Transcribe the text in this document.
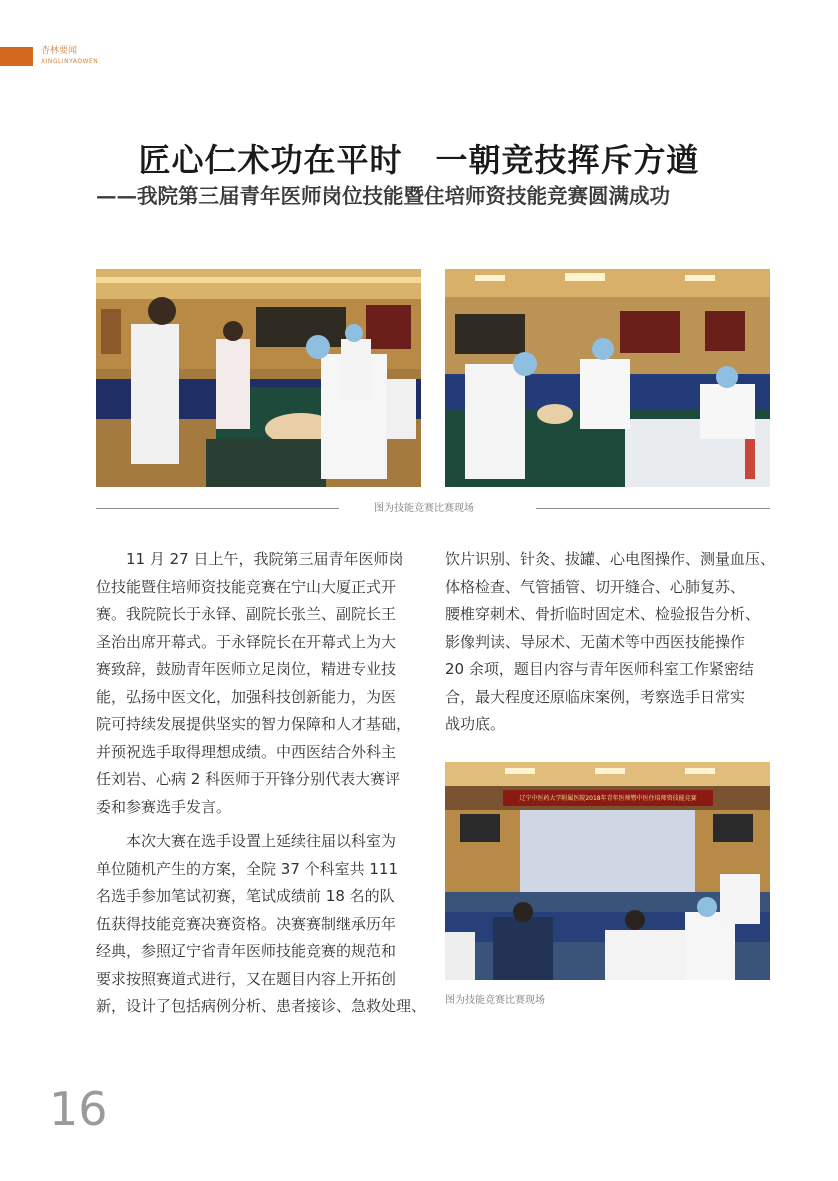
杏林要闻
XINGLINYAOWEN
匠心仁术功在平时　一朝竞技挥斥方遒
——我院第三届青年医师岗位技能暨住培师资技能竞赛圆满成功
辽宁中医药大学附属医院2018年青年医师暨中医住培师资技能竞赛
图为技能竞赛比赛现场

　　11 月 27 日上午，我院第三届青年医师岗

位技能暨住培师资技能竞赛在宁山大厦正式开

赛。我院院长于永铎、副院长张兰、副院长王

圣治出席开幕式。于永铎院长在开幕式上为大

赛致辞，鼓励青年医师立足岗位，精进专业技

能，弘扬中医文化，加强科技创新能力，为医

院可持续发展提供坚实的智力保障和人才基础，

并预祝选手取得理想成绩。中西医结合外科主

任刘岩、心病 2 科医师于开锋分别代表大赛评

委和参赛选手发言。

　　本次大赛在选手设置上延续往届以科室为

单位随机产生的方案，全院 37 个科室共 111

名选手参加笔试初赛，笔试成绩前 18 名的队

伍获得技能竞赛决赛资格。决赛赛制继承历年

经典，参照辽宁省青年医师技能竞赛的规范和

要求按照赛道式进行，又在题目内容上开拓创

新，设计了包括病例分析、患者接诊、急救处理、

饮片识别、针灸、拔罐、心电图操作、测量血压、

体格检查、气管插管、切开缝合、心肺复苏、

腰椎穿刺术、骨折临时固定术、检验报告分析、

影像判读、导尿术、无菌术等中西医技能操作

20 余项，题目内容与青年医师科室工作紧密结

合，最大程度还原临床案例，考察选手日常实

战功底。

图为技能竞赛比赛现场
16
